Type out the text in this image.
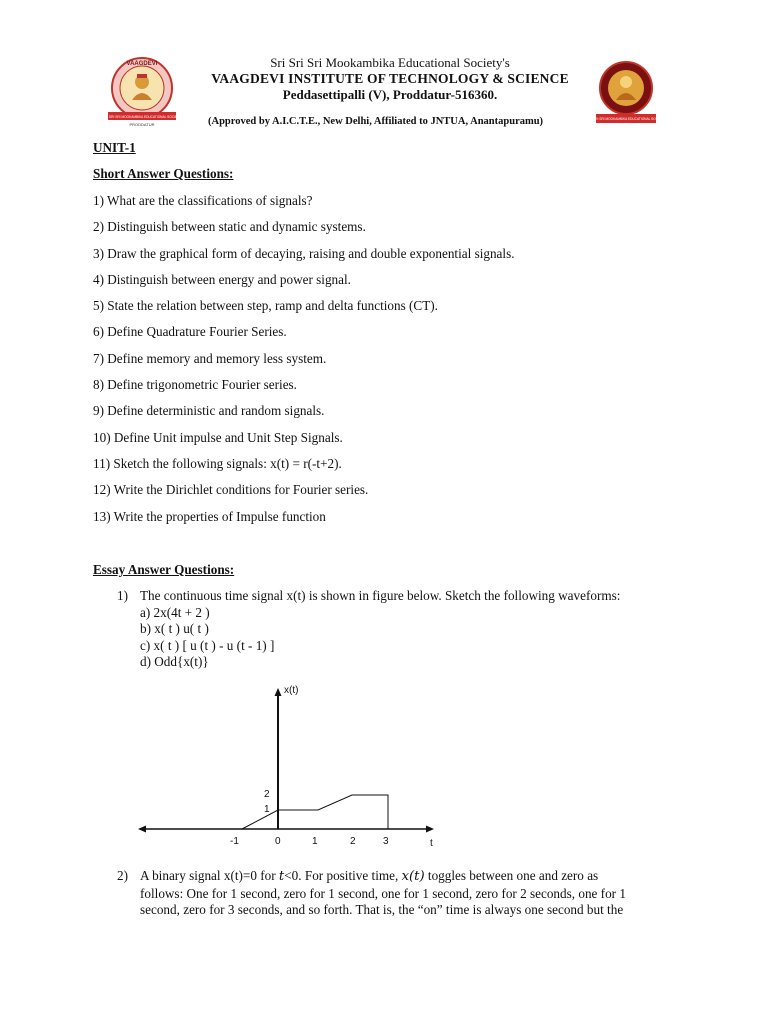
VAAGDEVI
SRI SRI SRI MOOKAMBIKA EDUCATIONAL SOCIETY
PRODDATUR
SRI SRI SRI MOOKAMBIKA EDUCATIONAL SOCIETY
Sri Sri Sri Mookambika Educational Society's
VAAGDEVI INSTITUTE OF TECHNOLOGY & SCIENCE
Peddasettipalli (V), Proddatur-516360.
(Approved by A.I.C.T.E., New Delhi, Affiliated to JNTUA, Anantapuramu)
UNIT-1
Short Answer Questions:
1) What are the classifications of signals?
2) Distinguish between static and dynamic systems.
3) Draw the graphical form of decaying, raising and double exponential signals.
4) Distinguish between energy and power signal.
5) State the relation between step, ramp and delta functions (CT).
6) Define Quadrature Fourier Series.
7) Define memory and memory less system.
8) Define trigonometric Fourier series.
9) Define deterministic and random signals.
10) Define Unit impulse and Unit Step Signals.
11) Sketch the following signals: x(t) = r(-t+2).
12) Write the Dirichlet conditions for Fourier series.
13) Write the properties of Impulse function
Essay Answer Questions:
1) The continuous time signal x(t) is shown in figure below. Sketch the following waveforms:
a) 2x(4t + 2 )
b) x( t ) u( t )
c) x( t ) [ u (t ) - u (t - 1) ]
d) Odd{x(t)}
x(t)
t
2
1
-1	0	1	2	3
2) A binary signal x(t)=0 for t<0. For positive time, x(t) toggles between one and zero as
follows: One for 1 second, zero for 1 second, one for 1 second, zero for 2 seconds, one for 1
second, zero for 3 seconds, and so forth. That is, the “on” time is always one second but the
